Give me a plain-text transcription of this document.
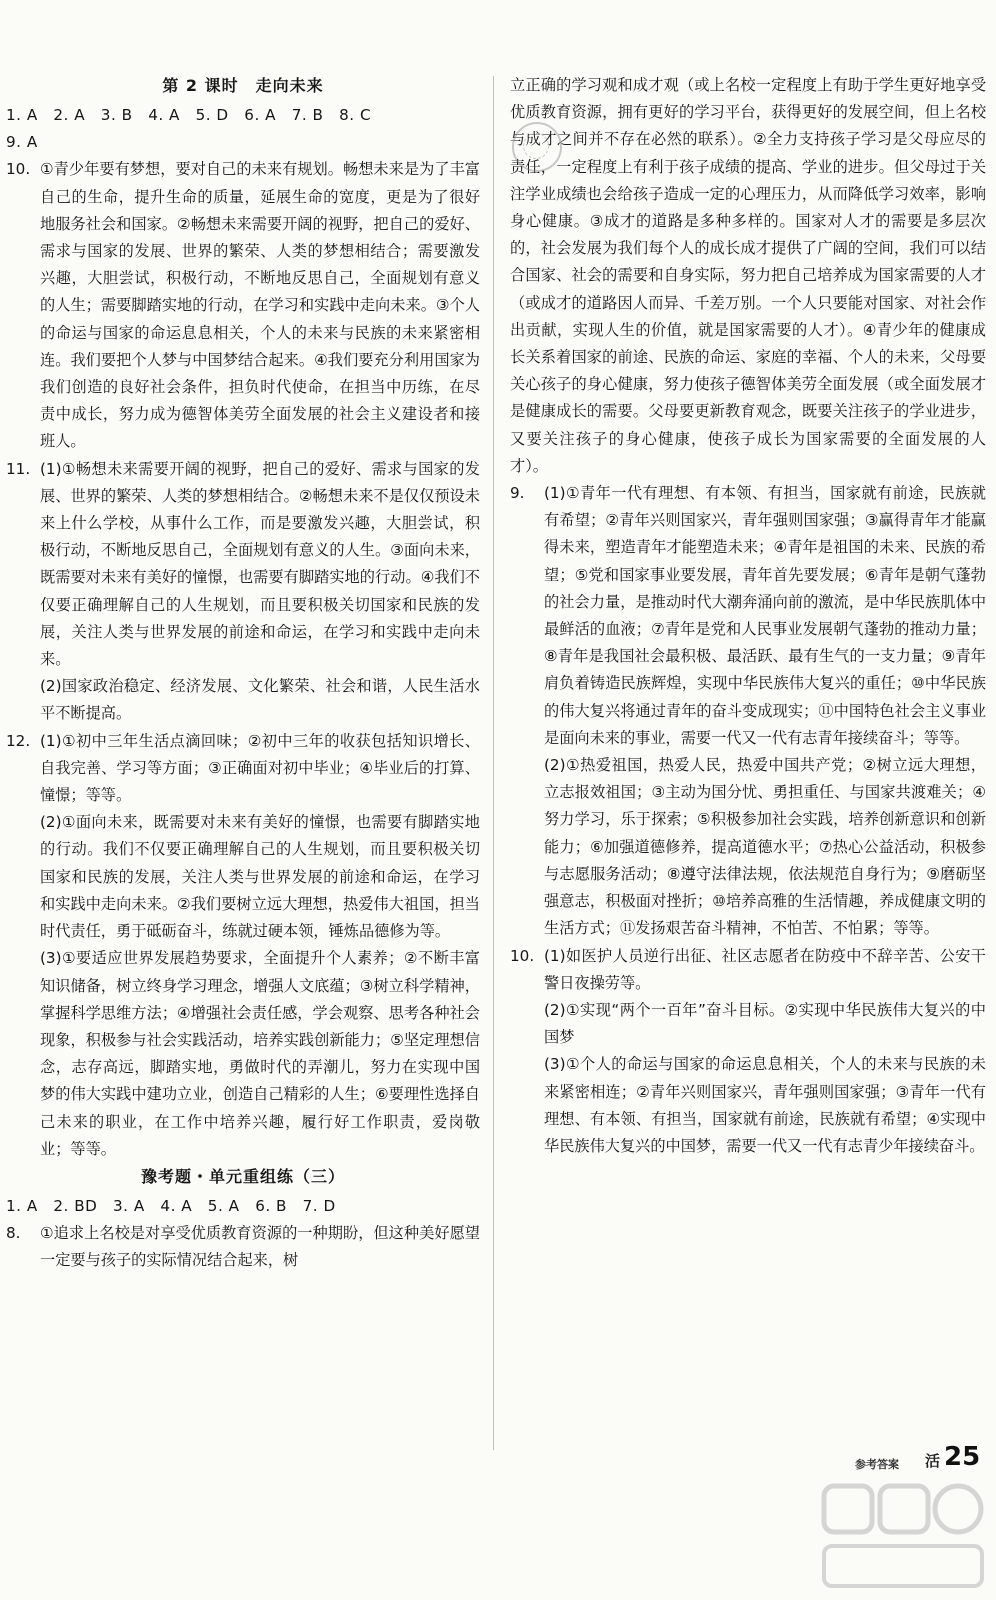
第 2 课时　走向未来

1. A　2. A　3. B　4. A　5. D　6. A　7. B　8. C

9. A

10. ①青少年要有梦想，要对自己的未来有规划。畅想未来是为了丰富自己的生命，提升生命的质量，延展生命的宽度，更是为了很好地服务社会和国家。②畅想未来需要开阔的视野，把自己的爱好、需求与国家的发展、世界的繁荣、人类的梦想相结合；需要激发兴趣，大胆尝试，积极行动，不断地反思自己，全面规划有意义的人生；需要脚踏实地的行动，在学习和实践中走向未来。③个人的命运与国家的命运息息相关，个人的未来与民族的未来紧密相连。我们要把个人梦与中国梦结合起来。④我们要充分利用国家为我们创造的良好社会条件，担负时代使命，在担当中历练，在尽责中成长，努力成为德智体美劳全面发展的社会主义建设者和接班人。

11. (1)①畅想未来需要开阔的视野，把自己的爱好、需求与国家的发展、世界的繁荣、人类的梦想相结合。②畅想未来不是仅仅预设未来上什么学校，从事什么工作，而是要激发兴趣，大胆尝试，积极行动，不断地反思自己，全面规划有意义的人生。③面向未来，既需要对未来有美好的憧憬，也需要有脚踏实地的行动。④我们不仅要正确理解自己的人生规划，而且要积极关切国家和民族的发展，关注人类与世界发展的前途和命运，在学习和实践中走向未来。

(2)国家政治稳定、经济发展、文化繁荣、社会和谐，人民生活水平不断提高。

12. (1)①初中三年生活点滴回味；②初中三年的收获包括知识增长、自我完善、学习等方面；③正确面对初中毕业；④毕业后的打算、憧憬；等等。

(2)①面向未来，既需要对未来有美好的憧憬，也需要有脚踏实地的行动。我们不仅要正确理解自己的人生规划，而且要积极关切国家和民族的发展，关注人类与世界发展的前途和命运，在学习和实践中走向未来。②我们要树立远大理想，热爱伟大祖国，担当时代责任，勇于砥砺奋斗，练就过硬本领，锤炼品德修为等。

(3)①要适应世界发展趋势要求，全面提升个人素养；②不断丰富知识储备，树立终身学习理念，增强人文底蕴；③树立科学精神，掌握科学思维方法；④增强社会责任感，学会观察、思考各种社会现象，积极参与社会实践活动，培养实践创新能力；⑤坚定理想信念，志存高远，脚踏实地，勇做时代的弄潮儿，努力在实现中国梦的伟大实践中建功立业，创造自己精彩的人生；⑥要理性选择自己未来的职业，在工作中培养兴趣，履行好工作职责，爱岗敬业；等等。

豫考题・单元重组练（三）

1. A　2. BD　3. A　4. A　5. A　6. B　7. D

8.	①追求上名校是对享受优质教育资源的一种期盼，但这种美好愿望一定要与孩子的实际情况结合起来，树

立正确的学习观和成才观（或上名校一定程度上有助于学生更好地享受优质教育资源，拥有更好的学习平台，获得更好的发展空间，但上名校与成才之间并不存在必然的联系）。②全力支持孩子学习是父母应尽的责任，一定程度上有利于孩子成绩的提高、学业的进步。但父母过于关注学业成绩也会给孩子造成一定的心理压力，从而降低学习效率，影响身心健康。③成才的道路是多种多样的。国家对人才的需要是多层次的，社会发展为我们每个人的成长成才提供了广阔的空间，我们可以结合国家、社会的需要和自身实际，努力把自己培养成为国家需要的人才（或成才的道路因人而异、千差万别。一个人只要能对国家、对社会作出贡献，实现人生的价值，就是国家需要的人才）。④青少年的健康成长关系着国家的前途、民族的命运、家庭的幸福、个人的未来，父母要关心孩子的身心健康，努力使孩子德智体美劳全面发展（或全面发展才是健康成长的需要。父母要更新教育观念，既要关注孩子的学业进步，又要关注孩子的身心健康，使孩子成长为国家需要的全面发展的人才）。

9.	(1)①青年一代有理想、有本领、有担当，国家就有前途，民族就有希望；②青年兴则国家兴，青年强则国家强；③赢得青年才能赢得未来，塑造青年才能塑造未来；④青年是祖国的未来、民族的希望；⑤党和国家事业要发展，青年首先要发展；⑥青年是朝气蓬勃的社会力量，是推动时代大潮奔涌向前的激流，是中华民族肌体中最鲜活的血液；⑦青年是党和人民事业发展朝气蓬勃的推动力量；⑧青年是我国社会最积极、最活跃、最有生气的一支力量；⑨青年肩负着铸造民族辉煌，实现中华民族伟大复兴的重任；⑩中华民族的伟大复兴将通过青年的奋斗变成现实；⑪中国特色社会主义事业是面向未来的事业，需要一代又一代有志青年接续奋斗；等等。

(2)①热爱祖国，热爱人民，热爱中国共产党；②树立远大理想，立志报效祖国；③主动为国分忧、勇担重任、与国家共渡难关；④努力学习，乐于探索；⑤积极参加社会实践，培养创新意识和创新能力；⑥加强道德修养，提高道德水平；⑦热心公益活动，积极参与志愿服务活动；⑧遵守法律法规，依法规范自身行为；⑨磨砺坚强意志，积极面对挫折；⑩培养高雅的生活情趣，养成健康文明的生活方式；⑪发扬艰苦奋斗精神，不怕苦、不怕累；等等。

10. (1)如医护人员逆行出征、社区志愿者在防疫中不辞辛苦、公安干警日夜操劳等。

(2)①实现“两个一百年”奋斗目标。②实现中华民族伟大复兴的中国梦

(3)①个人的命运与国家的命运息息相关，个人的未来与民族的未来紧密相连；②青年兴则国家兴，青年强则国家强；③青年一代有理想、有本领、有担当，国家就有前途，民族就有希望；④实现中华民族伟大复兴的中国梦，需要一代又一代有志青少年接续奋斗。

参考答案 活 25
